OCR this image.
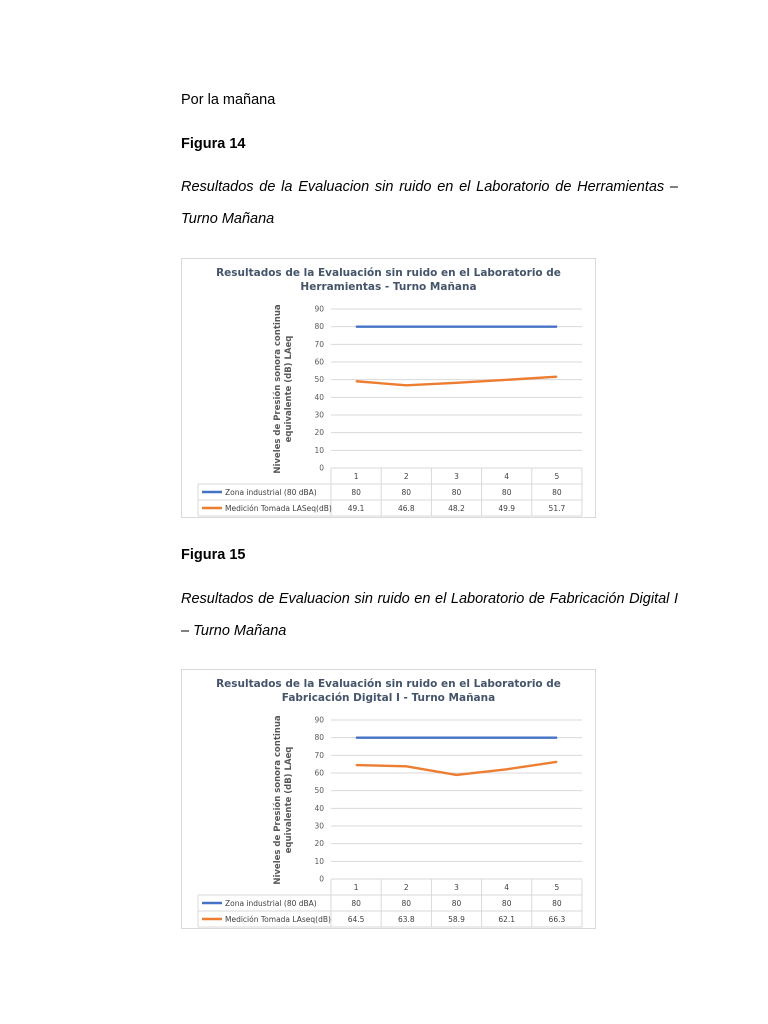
Por la mañana
Figura 14
Resultados de la Evaluacion sin ruido en el Laboratorio de Herramientas – Turno Mañana
Resultados de la Evaluación sin ruido en el Laboratorio de
Herramientas - Turno Mañana
Niveles de Presión sonora continua equivalente (dB) LAeq
0
10
20
30
40
50
60
70
80
90
1	2	3	4	5
Zona industrial (80 dBA)	80	80	80	80	80
Medición Tomada LASeq(dB) 49.1	46.8	48.2	49.9	51.7
Figura 15
Resultados de Evaluacion sin ruido en el Laboratorio de Fabricación Digital I – Turno Mañana
Resultados de la Evaluación sin ruido en el Laboratorio de
Fabricación Digital I - Turno Mañana
Niveles de Presión sonora continua equivalente (dB) LAeq
0
10
20
30
40
50
60
70
80
90
1	2	3	4	5
Zona industrial (80 dBA)	80	80	80	80	80
Medición Tomada LAseq(dB) 64.5	63.8	58.9	62.1	66.3
